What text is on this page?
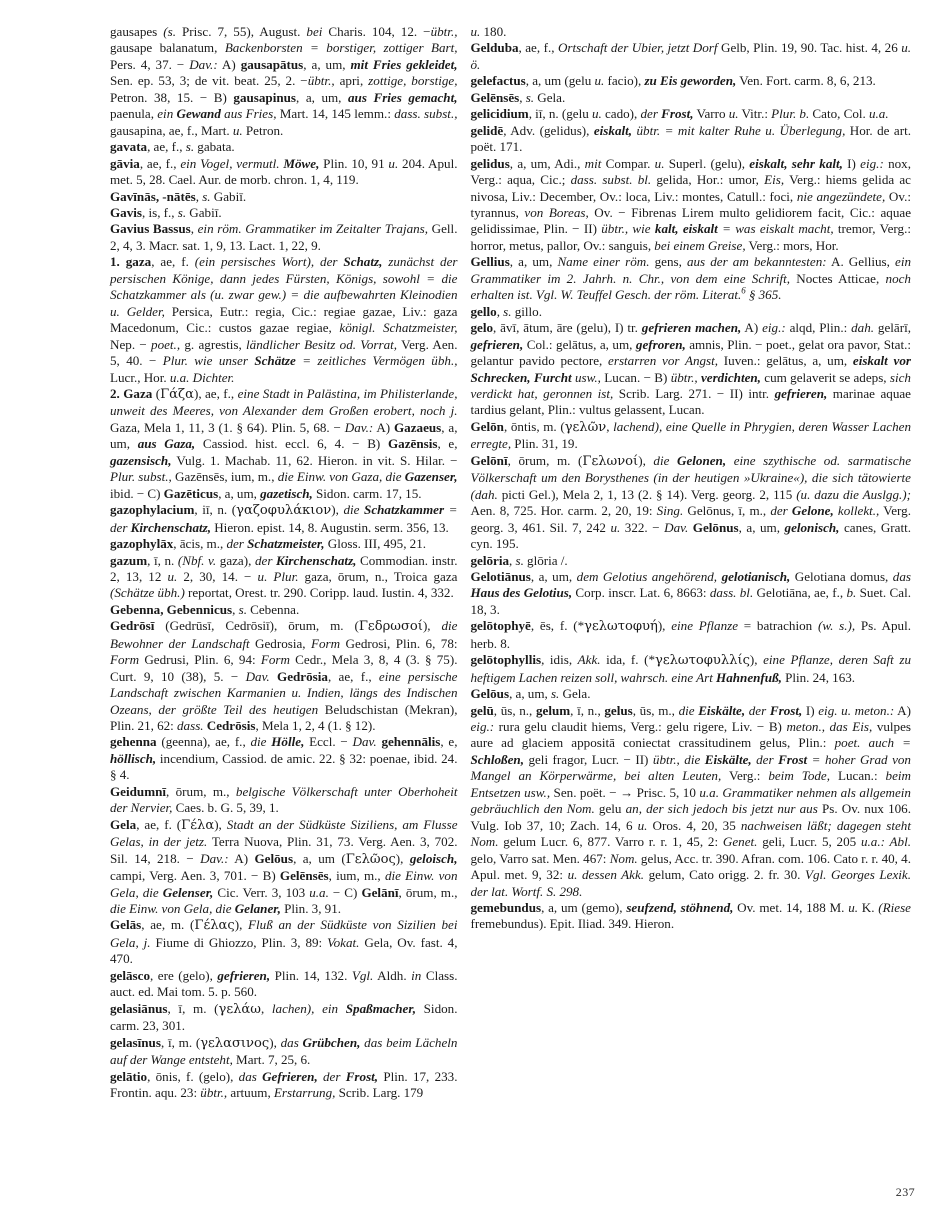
gausapes (s. Prisc. 7, 55), August. bei Charis. 104, 12. −übtr., gausape balanatum, Backenborsten = borstiger, zottiger Bart, Pers. 4, 37. − Dav.: A) gausapātus, a, um, mit Fries gekleidet, Sen. ep. 53, 3; de vit. beat. 25, 2. −übtr., apri, zottige, borstige, Petron. 38, 15. − B) gausapinus, a, um, aus Fries gemacht, paenula, ein Gewand aus Fries, Mart. 14, 145 lemm.: dass. subst., gausapina, ae, f., Mart. u. Petron.

gavata, ae, f., s. gabata.

gāvia, ae, f., ein Vogel, vermutl. Möwe, Plin. 10, 91 u. 204. Apul. met. 5, 28. Cael. Aur. de morb. chron. 1, 4, 119.

Gavīnās, -nātēs, s. Gabiī.

Gavis, is, f., s. Gabiī.

Gavius Bassus, ein röm. Grammatiker im Zeitalter Trajans, Gell. 2, 4, 3. Macr. sat. 1, 9, 13. Lact. 1, 22, 9.

1. gaza, ae, f. (ein persisches Wort), der Schatz, zunächst der persischen Könige, dann jedes Fürsten, Königs, sowohl = die Schatzkammer als (u. zwar gew.) = die aufbewahrten Kleinodien u. Gelder, Persica, Eutr.: regia, Cic.: regiae gazae, Liv.: gaza Macedonum, Cic.: custos gazae regiae, königl. Schatzmeister, Nep. − poet., g. agrestis, ländlicher Besitz od. Vorrat, Verg. Aen. 5, 40. − Plur. wie unser Schätze = zeitliches Vermögen übh., Lucr., Hor. u.a. Dichter.

2. Gaza (Γάζα), ae, f., eine Stadt in Palästina, im Philisterlande, unweit des Meeres, von Alexander dem Großen erobert, noch j. Gaza, Mela 1, 11, 3 (1. § 64). Plin. 5, 68. − Dav.: A) Gazaeus, a, um, aus Gaza, Cassiod. hist. eccl. 6, 4. − B) Gazēnsis, e, gazensisch, Vulg. 1. Machab. 11, 62. Hieron. in vit. S. Hilar. − Plur. subst., Gazēnsēs, ium, m., die Einw. von Gaza, die Gazenser, ibid. − C) Gazēticus, a, um, gazetisch, Sidon. carm. 17, 15.

gazophylacium, iī, n. (γαζοφυλάκιον), die Schatzkammer = der Kirchenschatz, Hieron. epist. 14, 8. Augustin. serm. 356, 13.

gazophylāx, ācis, m., der Schatzmeister, Gloss. III, 495, 21.

gazum, ī, n. (Nbf. v. gaza), der Kirchenschatz, Commodian. instr. 2, 13, 12 u. 2, 30, 14. − u. Plur. gaza, ōrum, n., Troica gaza (Schätze übh.) reportat, Orest. tr. 290. Coripp. laud. Iustin. 4, 332.

Gebenna, Gebennicus, s. Cebenna.

Gedrōsī (Gedrūsī, Cedrōsiī), ōrum, m. (Γεδρωσοί), die Bewohner der Landschaft Gedrosia, Form Gedrosi, Plin. 6, 78: Form Gedrusi, Plin. 6, 94: Form Cedr., Mela 3, 8, 4 (3. § 75). Curt. 9, 10 (38), 5. − Dav. Gedrōsia, ae, f., eine persische Landschaft zwischen Karmanien u. Indien, längs des Indischen Ozeans, der größte Teil des heutigen Beludschistan (Mekran), Plin. 21, 62: dass. Cedrōsis, Mela 1, 2, 4 (1. § 12).

gehenna (geenna), ae, f., die Hölle, Eccl. − Dav. gehennālis, e, höllisch, incendium, Cassiod. de amic. 22. § 32: poenae, ibid. 24. § 4.

Geidumnī, ōrum, m., belgische Völkerschaft unter Oberhoheit der Nervier, Caes. b. G. 5, 39, 1.

Gela, ae, f. (Γέλα), Stadt an der Südküste Siziliens, am Flusse Gelas, in der jetz. Terra Nuova, Plin. 31, 73. Verg. Aen. 3, 702. Sil. 14, 218. − Dav.: A) Gelōus, a, um (Γελῶος), geloisch, campi, Verg. Aen. 3, 701. − B) Gelēnsēs, ium, m., die Einw. von Gela, die Gelenser, Cic. Verr. 3, 103 u.a. − C) Gelānī, ōrum, m., die Einw. von Gela, die Gelaner, Plin. 3, 91.

Gelās, ae, m. (Γέλας), Fluß an der Südküste von Sizilien bei Gela, j. Fiume di Ghiozzo, Plin. 3, 89: Vokat. Gela, Ov. fast. 4, 470.

gelāsco, ere (gelo), gefrieren, Plin. 14, 132. Vgl. Aldh. in Class. auct. ed. Mai tom. 5. p. 560.

gelasiānus, ī, m. (γελάω, lachen), ein Spaßmacher, Sidon. carm. 23, 301.

gelasīnus, ī, m. (γελασινος), das Grübchen, das beim Lächeln auf der Wange entsteht, Mart. 7, 25, 6.

gelātio, ōnis, f. (gelo), das Gefrieren, der Frost, Plin. 17, 233. Frontin. aqu. 23: übtr., artuum, Erstarrung, Scrib. Larg. 179

u. 180.

Gelduba, ae, f., Ortschaft der Ubier, jetzt Dorf Gelb, Plin. 19, 90. Tac. hist. 4, 26 u. ö.

gelefactus, a, um (gelu u. facio), zu Eis geworden, Ven. Fort. carm. 8, 6, 213.

Gelēnsēs, s. Gela.

gelicidium, iī, n. (gelu u. cado), der Frost, Varro u. Vitr.: Plur. b. Cato, Col. u.a.

gelidē, Adv. (gelidus), eiskalt, übtr. = mit kalter Ruhe u. Überlegung, Hor. de art. poët. 171.

gelidus, a, um, Adi., mit Compar. u. Superl. (gelu), eiskalt, sehr kalt, I) eig.: nox, Verg.: aqua, Cic.; dass. subst. bl. gelida, Hor.: umor, Eis, Verg.: hiems gelida ac nivosa, Liv.: December, Ov.: loca, Liv.: montes, Catull.: foci, nie angezündete, Ov.: tyrannus, von Boreas, Ov. − Fibrenas Lirem multo gelidiorem facit, Cic.: aquae gelidissimae, Plin. − II) übtr., wie kalt, eiskalt = was eiskalt macht, tremor, Verg.: horror, metus, pallor, Ov.: sanguis, bei einem Greise, Verg.: mors, Hor.

Gellius, a, um, Name einer röm. gens, aus der am bekanntesten: A. Gellius, ein Grammatiker im 2. Jahrh. n. Chr., von dem eine Schrift, Noctes Atticae, noch erhalten ist. Vgl. W. Teuffel Gesch. der röm. Literat.$^6$ § 365.

gello, s. gillo.

gelo, āvī, ātum, āre (gelu), I) tr. gefrieren machen, A) eig.: alqd, Plin.: dah. gelārī, gefrieren, Col.: gelātus, a, um, gefroren, amnis, Plin. − poet., gelat ora pavor, Stat.: gelantur pavido pectore, erstarren vor Angst, Iuven.: gelātus, a, um, eiskalt vor Schrecken, Furcht usw., Lucan. − B) übtr., verdichten, cum gelaverit se adeps, sich verdickt hat, geronnen ist, Scrib. Larg. 271. − II) intr. gefrieren, marinae aquae tardius gelant, Plin.: vultus gelassent, Lucan.

Gelōn, ōntis, m. (γελῶν, lachend), eine Quelle in Phrygien, deren Wasser Lachen erregte, Plin. 31, 19.

Gelōnī, ōrum, m. (Γελωνοί), die Gelonen, eine szythische od. sarmatische Völkerschaft um den Borysthenes (in der heutigen »Ukraine«), die sich tätowierte (dah. picti Gel.), Mela 2, 1, 13 (2. § 14). Verg. georg. 2, 115 (u. dazu die Auslgg.); Aen. 8, 725. Hor. carm. 2, 20, 19: Sing. Gelōnus, ī, m., der Gelone, kollekt., Verg. georg. 3, 461. Sil. 7, 242 u. 322. − Dav. Gelōnus, a, um, gelonisch, canes, Gratt. cyn. 195.

gelōria, s. glōria /.

Gelotiānus, a, um, dem Gelotius angehörend, gelotianisch, Gelotiana domus, das Haus des Gelotius, Corp. inscr. Lat. 6, 8663: dass. bl. Gelotiāna, ae, f., b. Suet. Cal. 18, 3.

gelōtophyē, ēs, f. (*γελωτοφυή), eine Pflanze = batrachion (w. s.), Ps. Apul. herb. 8.

gelōtophyllis, idis, Akk. ida, f. (*γελωτοφυλλίς), eine Pflanze, deren Saft zu heftigem Lachen reizen soll, wahrsch. eine Art Hahnenfuß, Plin. 24, 163.

Gelōus, a, um, s. Gela.

gelū, ūs, n., gelum, ī, n., gelus, ūs, m., die Eiskälte, der Frost, I) eig. u. meton.: A) eig.: rura gelu claudit hiems, Verg.: gelu rigere, Liv. − B) meton., das Eis, vulpes aure ad glaciem appositā coniectat crassitudinem gelus, Plin.: poet. auch = Schloßen, geli fragor, Lucr. − II) übtr., die Eiskälte, der Frost = hoher Grad von Mangel an Körperwärme, bei alten Leuten, Verg.: beim Tode, Lucan.: beim Entsetzen usw., Sen. poët. − → Prisc. 5, 10 u.a. Grammatiker nehmen als allgemein gebräuchlich den Nom. gelu an, der sich jedoch bis jetzt nur aus Ps. Ov. nux 106. Vulg. Iob 37, 10; Zach. 14, 6 u. Oros. 4, 20, 35 nachweisen läßt; dagegen steht Nom. gelum Lucr. 6, 877. Varro r. r. 1, 45, 2: Genet. geli, Lucr. 5, 205 u.a.: Abl. gelo, Varro sat. Men. 467: Nom. gelus, Acc. tr. 390. Afran. com. 106. Cato r. r. 40, 4. Apul. met. 9, 32: u. dessen Akk. gelum, Cato origg. 2. fr. 30. Vgl. Georges Lexik. der lat. Wortf. S. 298.

gemebundus, a, um (gemo), seufzend, stöhnend, Ov. met. 14, 188 M. u. K. (Riese fremebundus). Epit. Iliad. 349. Hieron.

237
